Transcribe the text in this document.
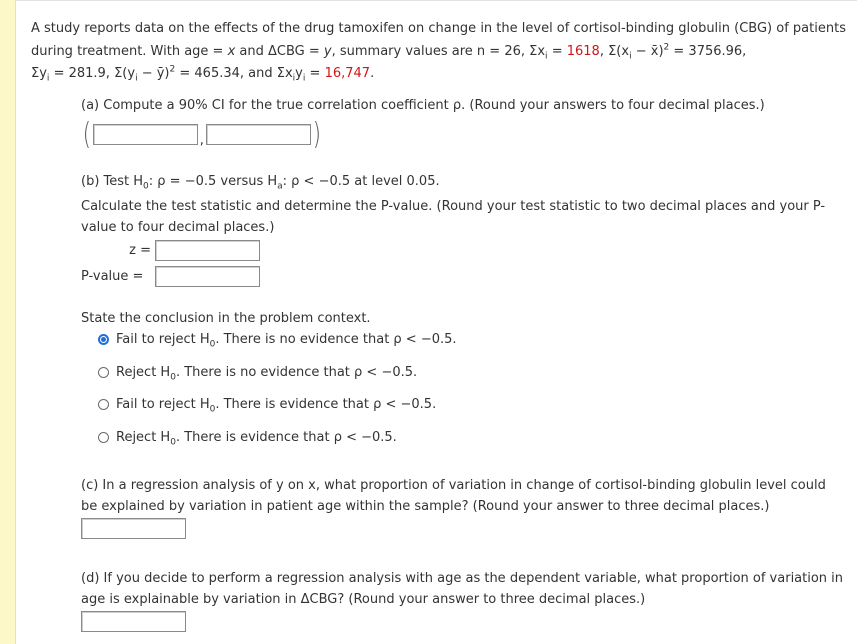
A study reports data on the effects of the drug tamoxifen on change in the level of cortisol-binding globulin (CBG) of patients during treatment. With age = x and ΔCBG = y, summary values are n = 26, $\Sigma x_i = 1618$, $\Sigma(x_i$ − x̄)$^2$ = 3756.96,
$\Sigma y_i = 281.9$, $\Sigma(y_i$ − ȳ)$^2$ = 465.34, and $\Sigma x_iy_i = 16,747$.

(a) Compute a 90% CI for the true correlation coefficient ρ. (Round your answers to four decimal places.)
(	,	)
(b) Test $H_0$: ρ = −0.5 versus $H_a$: ρ < −0.5 at level 0.05.
Calculate the test statistic and determine the P-value. (Round your test statistic to two decimal places and your P-value to four decimal places.)
z =
P-value =
State the conclusion in the problem context.
Fail to reject $H_0$. There is no evidence that ρ < −0.5.
Reject $H_0$. There is no evidence that ρ < −0.5.
Fail to reject $H_0$. There is evidence that ρ < −0.5.
Reject $H_0$. There is evidence that ρ < −0.5.
(c) In a regression analysis of y on x, what proportion of variation in change of cortisol-binding globulin level could be explained by variation in patient age within the sample? (Round your answer to three decimal places.)
(d) If you decide to perform a regression analysis with age as the dependent variable, what proportion of variation in age is explainable by variation in ΔCBG? (Round your answer to three decimal places.)
